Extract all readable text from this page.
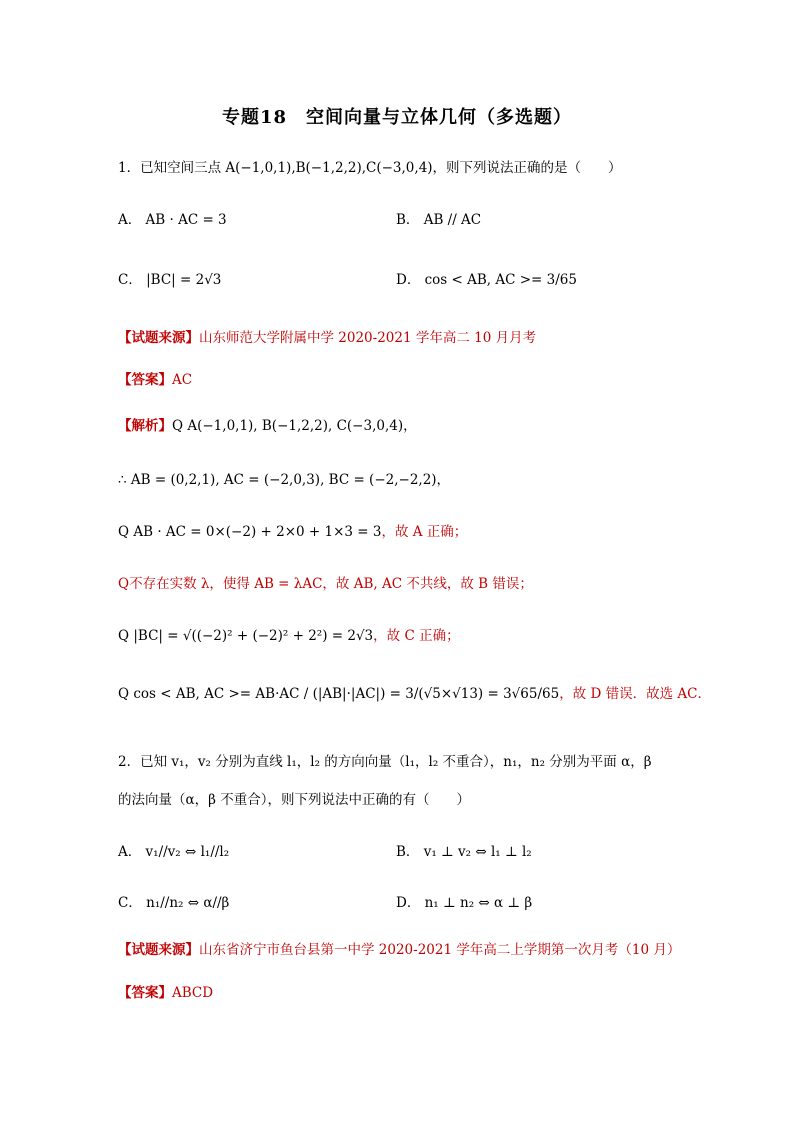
专题18　空间向量与立体几何（多选题）
1．已知空间三点 A(−1,0,1),B(−1,2,2),C(−3,0,4)，则下列说法正确的是（　　）
A． AB · AC = 3	B． AB // AC
C． |BC| = 2√3	D． cos < AB, AC >= 3/65
【试题来源】山东师范大学附属中学 2020-2021 学年高二 10 月月考
【答案】AC
【解析】Q A(−1,0,1), B(−1,2,2), C(−3,0,4)，
∴ AB = (0,2,1), AC = (−2,0,3), BC = (−2,−2,2)，
Q AB · AC = 0×(−2) + 2×0 + 1×3 = 3，故 A 正确；
Q不存在实数 λ，使得 AB = λAC，故 AB, AC 不共线，故 B 错误；
Q |BC| = √((−2)² + (−2)² + 2²) = 2√3，故 C 正确；
Q cos < AB, AC >= AB·AC / (|AB|·|AC|) = 3/(√5×√13) = 3√65/65，故 D 错误．故选 AC．
2．已知 v₁，v₂ 分别为直线 l₁，l₂ 的方向向量（l₁，l₂ 不重合），n₁，n₂ 分别为平面 α，β
的法向量（α，β 不重合），则下列说法中正确的有（　　）
A． v₁//v₂ ⇔ l₁//l₂	B． v₁ ⊥ v₂ ⇔ l₁ ⊥ l₂
C． n₁//n₂ ⇔ α//β	D． n₁ ⊥ n₂ ⇔ α ⊥ β
【试题来源】山东省济宁市鱼台县第一中学 2020-2021 学年高二上学期第一次月考（10 月）
【答案】ABCD
